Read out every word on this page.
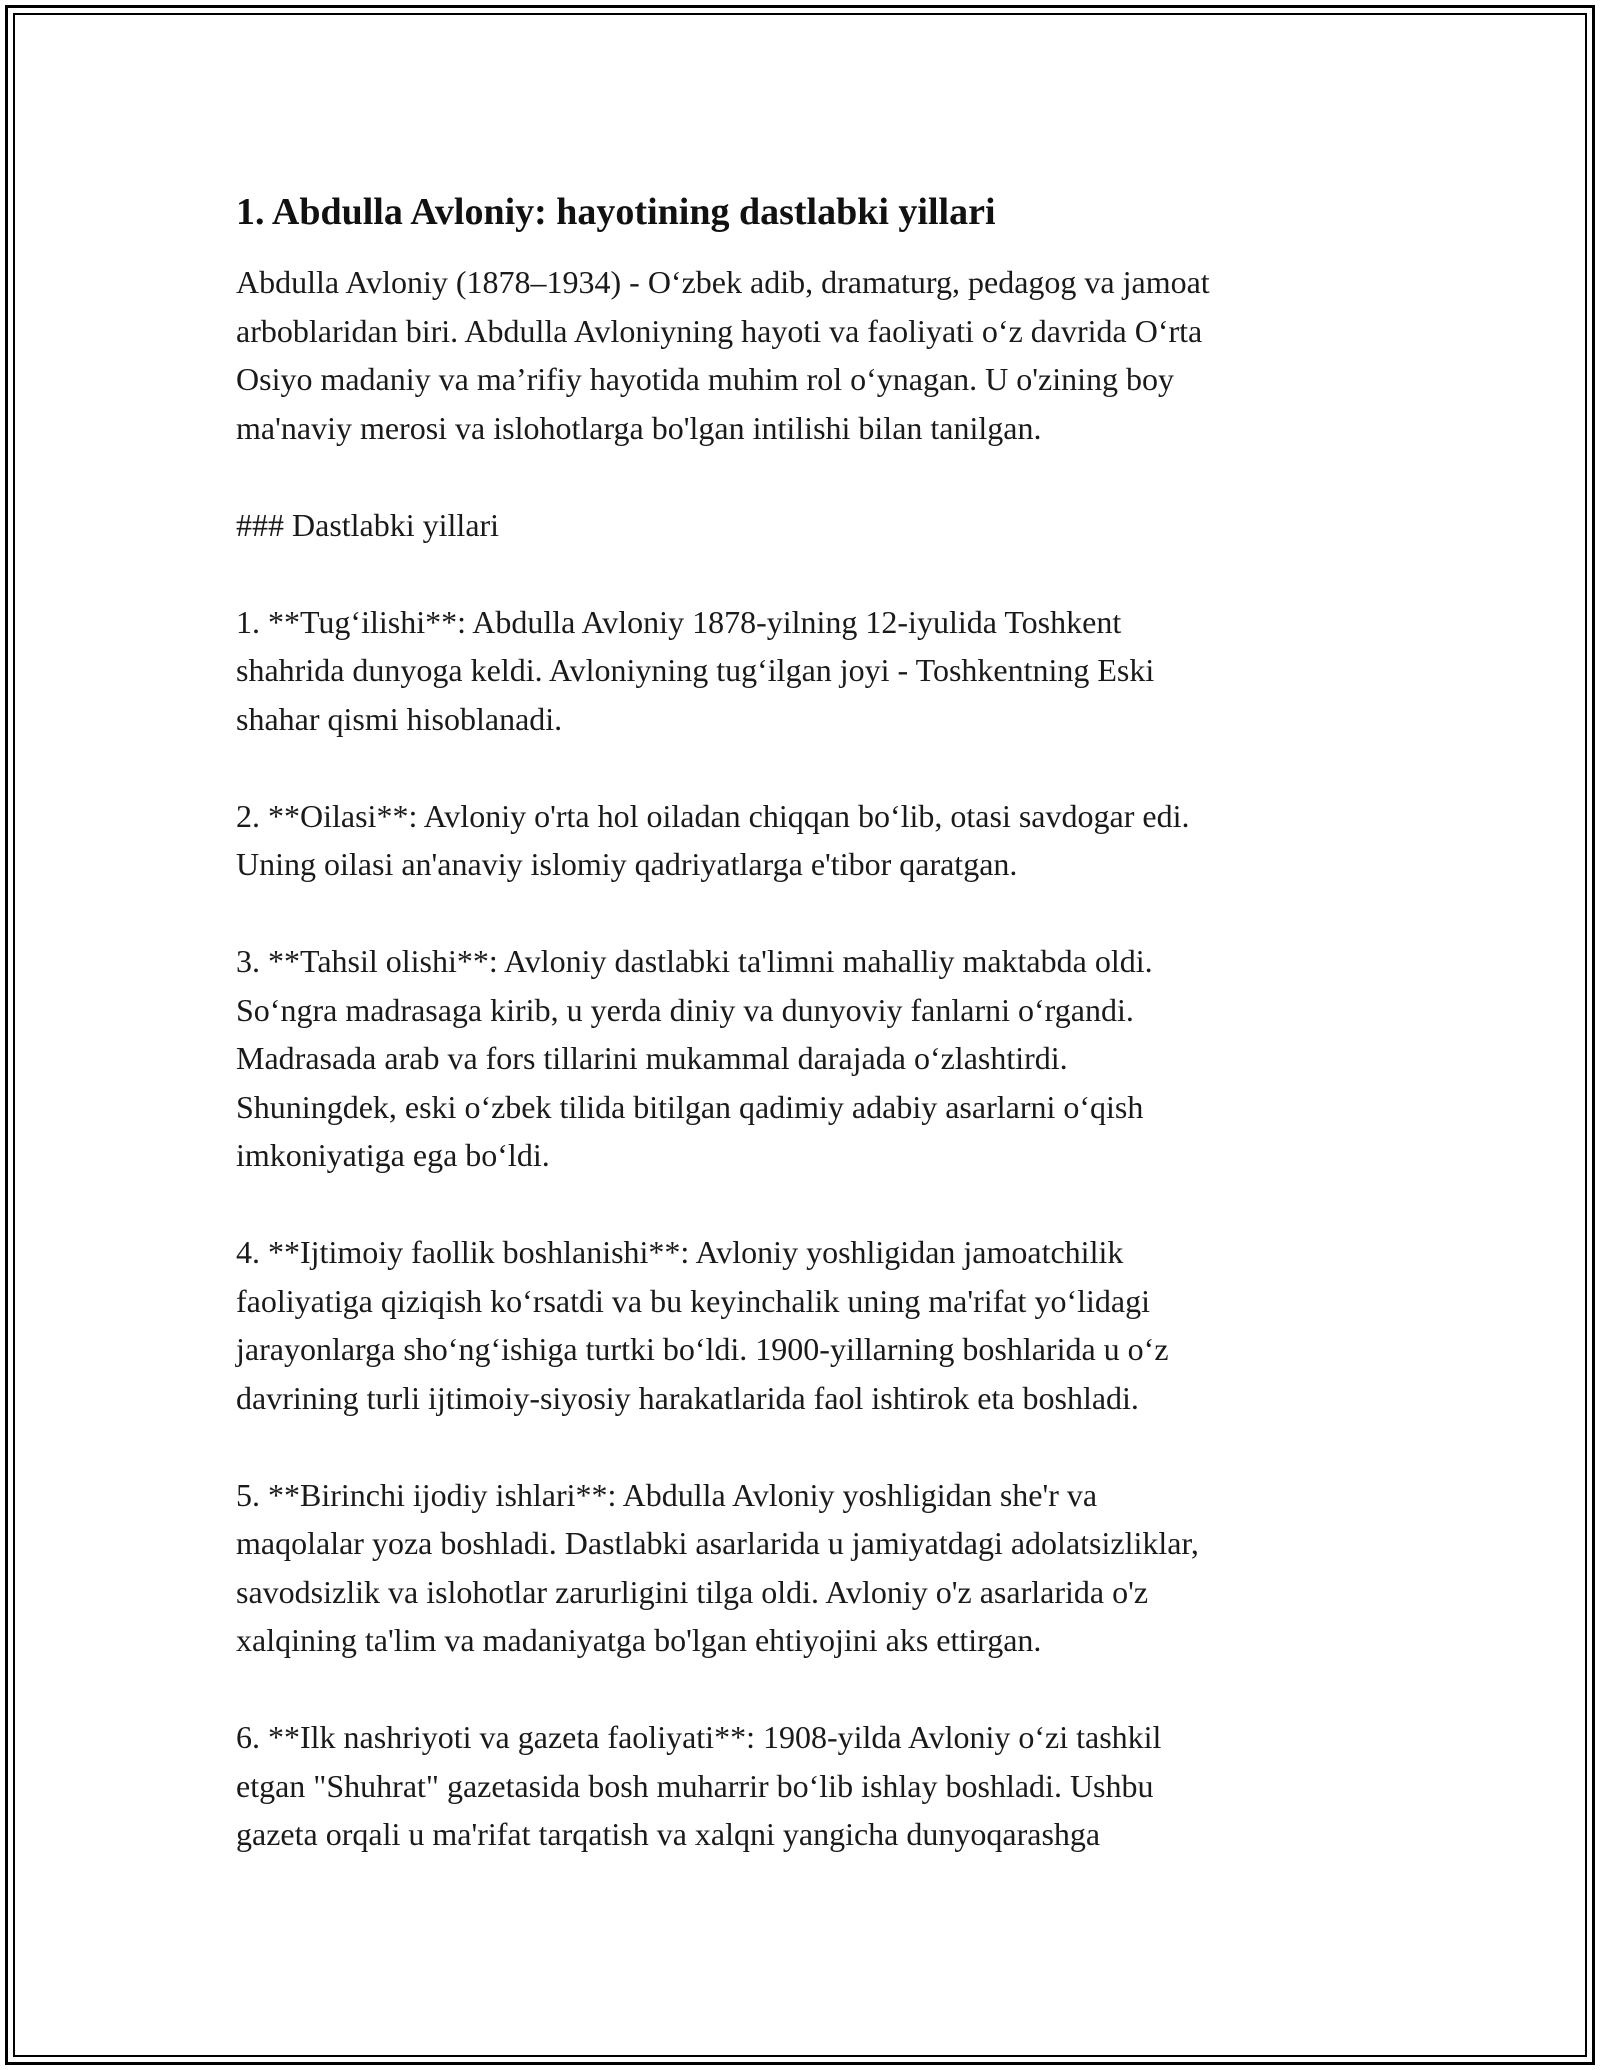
1. Abdulla Avloniy: hayotining dastlabki yillari

Abdulla Avloniy (1878–1934) - O‘zbek adib, dramaturg, pedagog va jamoat
arboblaridan biri. Abdulla Avloniyning hayoti va faoliyati o‘z davrida O‘rta
Osiyo madaniy va ma’rifiy hayotida muhim rol o‘ynagan. U o'zining boy
ma'naviy merosi va islohotlarga bo'lgan intilishi bilan tanilgan.

### Dastlabki yillari

1. **Tug‘ilishi**: Abdulla Avloniy 1878-yilning 12-iyulida Toshkent
shahrida dunyoga keldi. Avloniyning tug‘ilgan joyi - Toshkentning Eski
shahar qismi hisoblanadi.

2. **Oilasi**: Avloniy o'rta hol oiladan chiqqan bo‘lib, otasi savdogar edi.
Uning oilasi an'anaviy islomiy qadriyatlarga e'tibor qaratgan.

3. **Tahsil olishi**: Avloniy dastlabki ta'limni mahalliy maktabda oldi.
So‘ngra madrasaga kirib, u yerda diniy va dunyoviy fanlarni o‘rgandi.
Madrasada arab va fors tillarini mukammal darajada o‘zlashtirdi.
Shuningdek, eski o‘zbek tilida bitilgan qadimiy adabiy asarlarni o‘qish
imkoniyatiga ega bo‘ldi.

4. **Ijtimoiy faollik boshlanishi**: Avloniy yoshligidan jamoatchilik
faoliyatiga qiziqish ko‘rsatdi va bu keyinchalik uning ma'rifat yo‘lidagi
jarayonlarga sho‘ng‘ishiga turtki bo‘ldi. 1900-yillarning boshlarida u o‘z
davrining turli ijtimoiy-siyosiy harakatlarida faol ishtirok eta boshladi.

5. **Birinchi ijodiy ishlari**: Abdulla Avloniy yoshligidan she'r va
maqolalar yoza boshladi. Dastlabki asarlarida u jamiyatdagi adolatsizliklar,
savodsizlik va islohotlar zarurligini tilga oldi. Avloniy o'z asarlarida o'z
xalqining ta'lim va madaniyatga bo'lgan ehtiyojini aks ettirgan.

6. **Ilk nashriyoti va gazeta faoliyati**: 1908-yilda Avloniy o‘zi tashkil
etgan "Shuhrat" gazetasida bosh muharrir bo‘lib ishlay boshladi. Ushbu
gazeta orqali u ma'rifat tarqatish va xalqni yangicha dunyoqarashga
